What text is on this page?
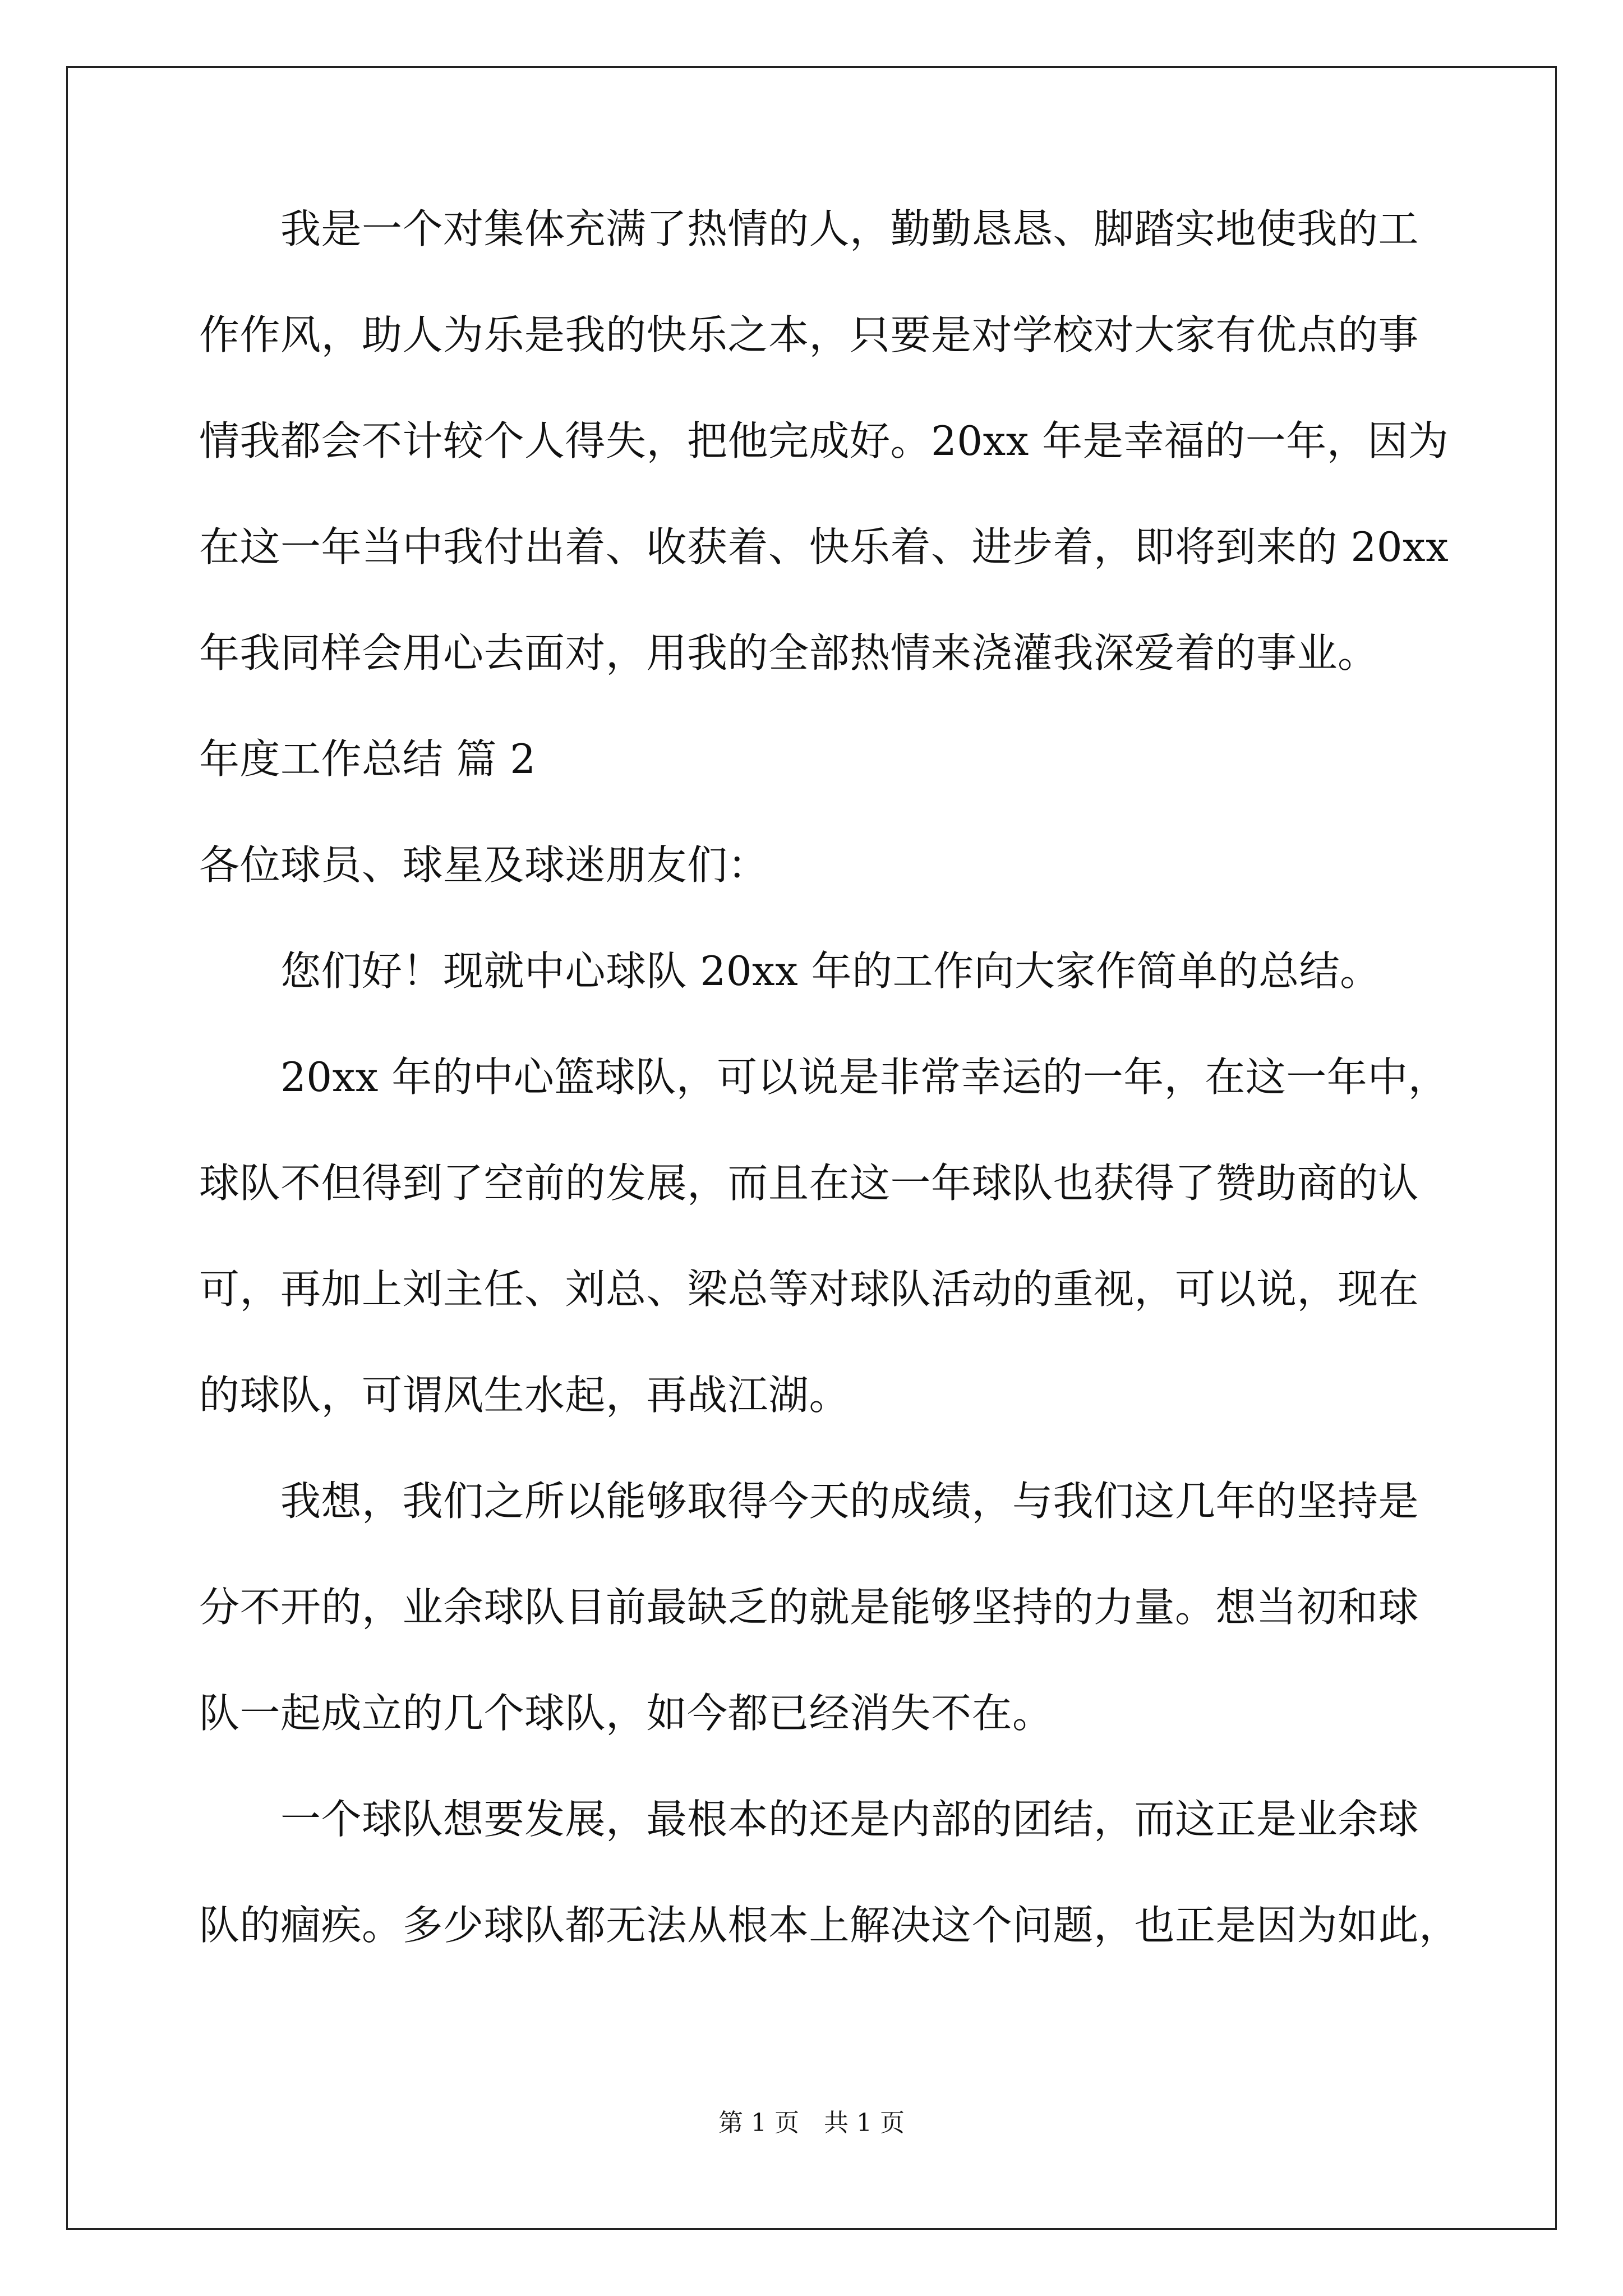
　　我是一个对集体充满了热情的人，勤勤恳恳、脚踏实地使我的工
作作风，助人为乐是我的快乐之本，只要是对学校对大家有优点的事
情我都会不计较个人得失，把他完成好。20xx 年是幸福的一年，因为
在这一年当中我付出着、收获着、快乐着、进步着，即将到来的 20xx
年我同样会用心去面对，用我的全部热情来浇灌我深爱着的事业。
年度工作总结 篇 2
各位球员、球星及球迷朋友们：
　　您们好！现就中心球队 20xx 年的工作向大家作简单的总结。
　　20xx 年的中心篮球队，可以说是非常幸运的一年，在这一年中，
球队不但得到了空前的发展，而且在这一年球队也获得了赞助商的认
可，再加上刘主任、刘总、梁总等对球队活动的重视，可以说，现在
的球队，可谓风生水起，再战江湖。
　　我想，我们之所以能够取得今天的成绩，与我们这几年的坚持是
分不开的，业余球队目前最缺乏的就是能够坚持的力量。想当初和球
队一起成立的几个球队，如今都已经消失不在。
　　一个球队想要发展，最根本的还是内部的团结，而这正是业余球
队的痼疾。多少球队都无法从根本上解决这个问题，也正是因为如此，
第 1 页　共 1 页
